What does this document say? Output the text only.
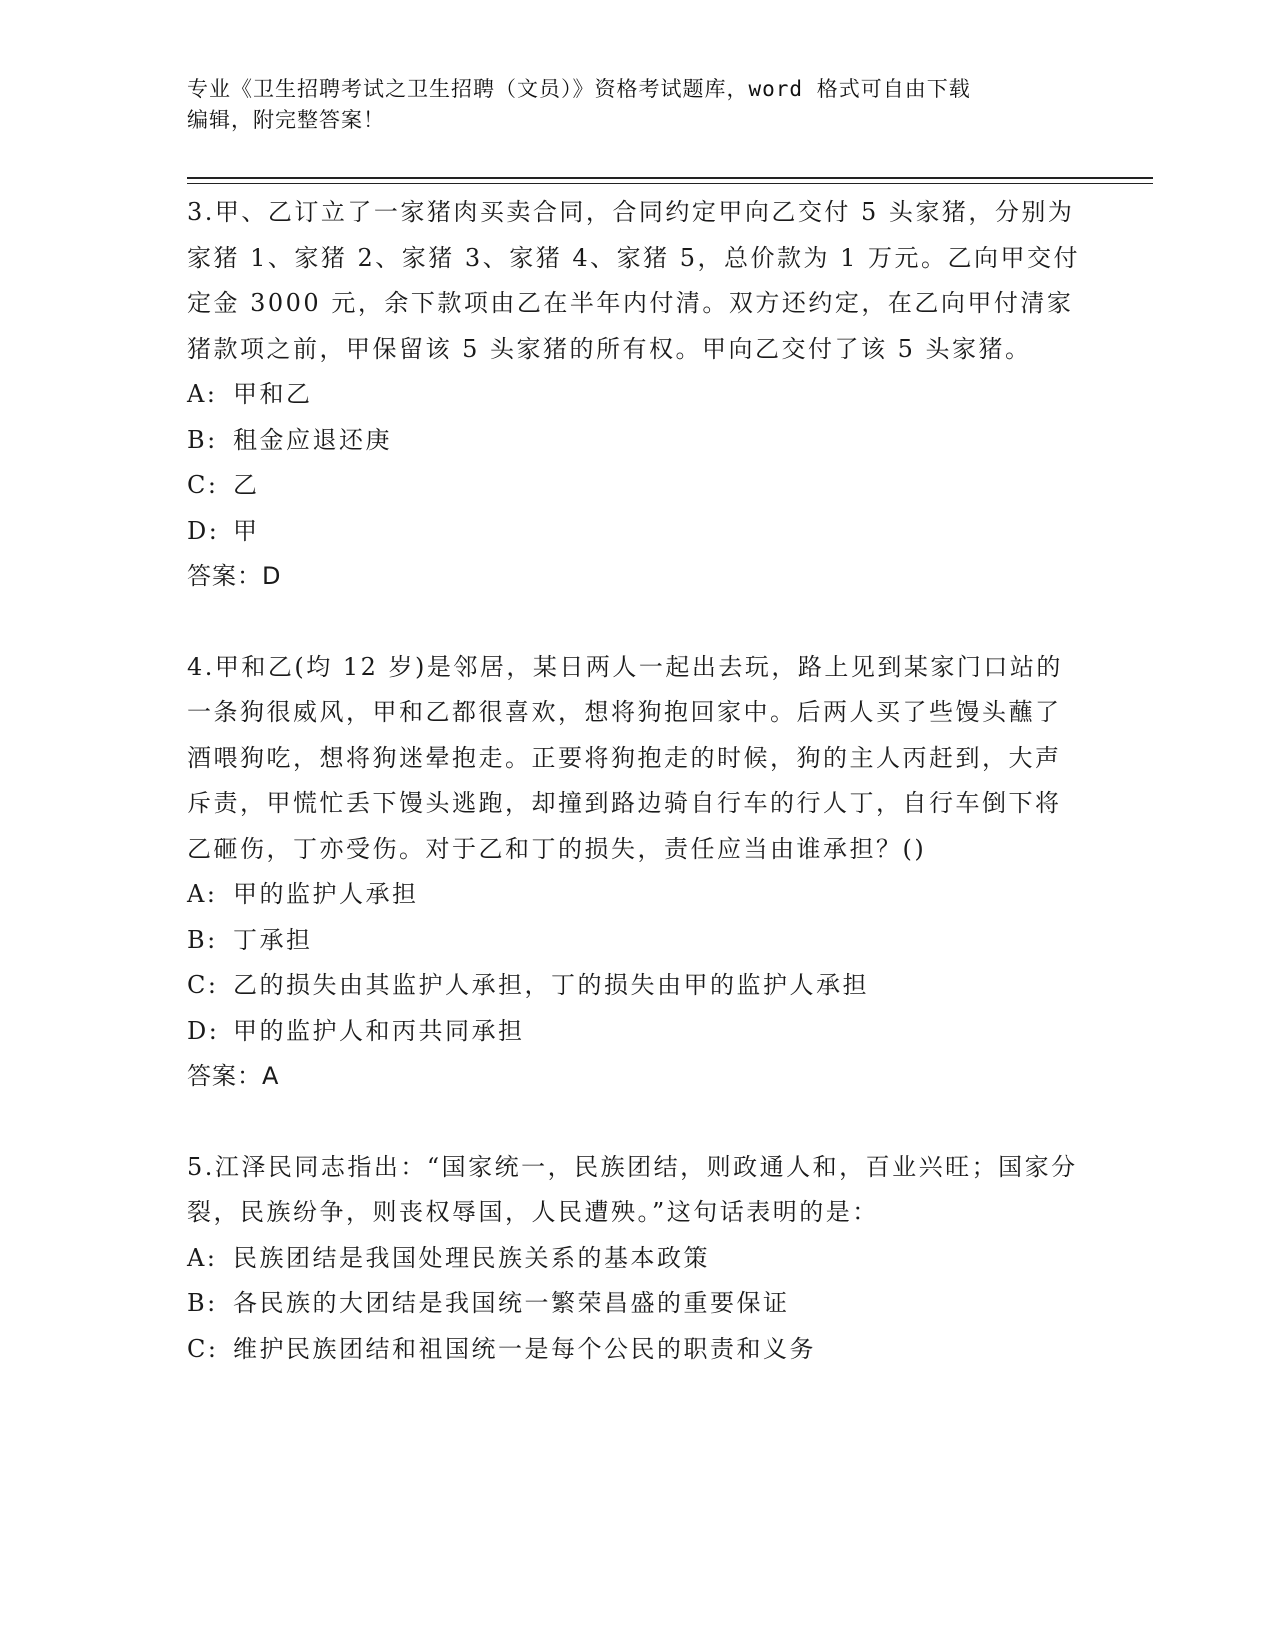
专业《卫生招聘考试之卫生招聘（文员）》资格考试题库，word 格式可自由下载
编辑，附完整答案！

3.甲、乙订立了一家猪肉买卖合同，合同约定甲向乙交付 5 头家猪，分别为家猪 1、家猪 2、家猪 3、家猪 4、家猪 5，总价款为 1 万元。乙向甲交付定金 3000 元，余下款项由乙在半年内付清。双方还约定，在乙向甲付清家猪款项之前，甲保留该 5 头家猪的所有权。甲向乙交付了该 5 头家猪。

A: 甲和乙

B: 租金应退还庚

C: 乙

D: 甲

答案：D

4.甲和乙(均 12 岁)是邻居，某日两人一起出去玩，路上见到某家门口站的一条狗很威风，甲和乙都很喜欢，想将狗抱回家中。后两人买了些馒头蘸了酒喂狗吃，想将狗迷晕抱走。正要将狗抱走的时候，狗的主人丙赶到，大声斥责，甲慌忙丢下馒头逃跑，却撞到路边骑自行车的行人丁，自行车倒下将乙砸伤，丁亦受伤。对于乙和丁的损失，责任应当由谁承担？()

A: 甲的监护人承担

B: 丁承担

C: 乙的损失由其监护人承担，丁的损失由甲的监护人承担

D: 甲的监护人和丙共同承担

答案：A

5.江泽民同志指出：“国家统一，民族团结，则政通人和，百业兴旺；国家分裂，民族纷争，则丧权辱国，人民遭殃。”这句话表明的是：

A: 民族团结是我国处理民族关系的基本政策

B: 各民族的大团结是我国统一繁荣昌盛的重要保证

C: 维护民族团结和祖国统一是每个公民的职责和义务
